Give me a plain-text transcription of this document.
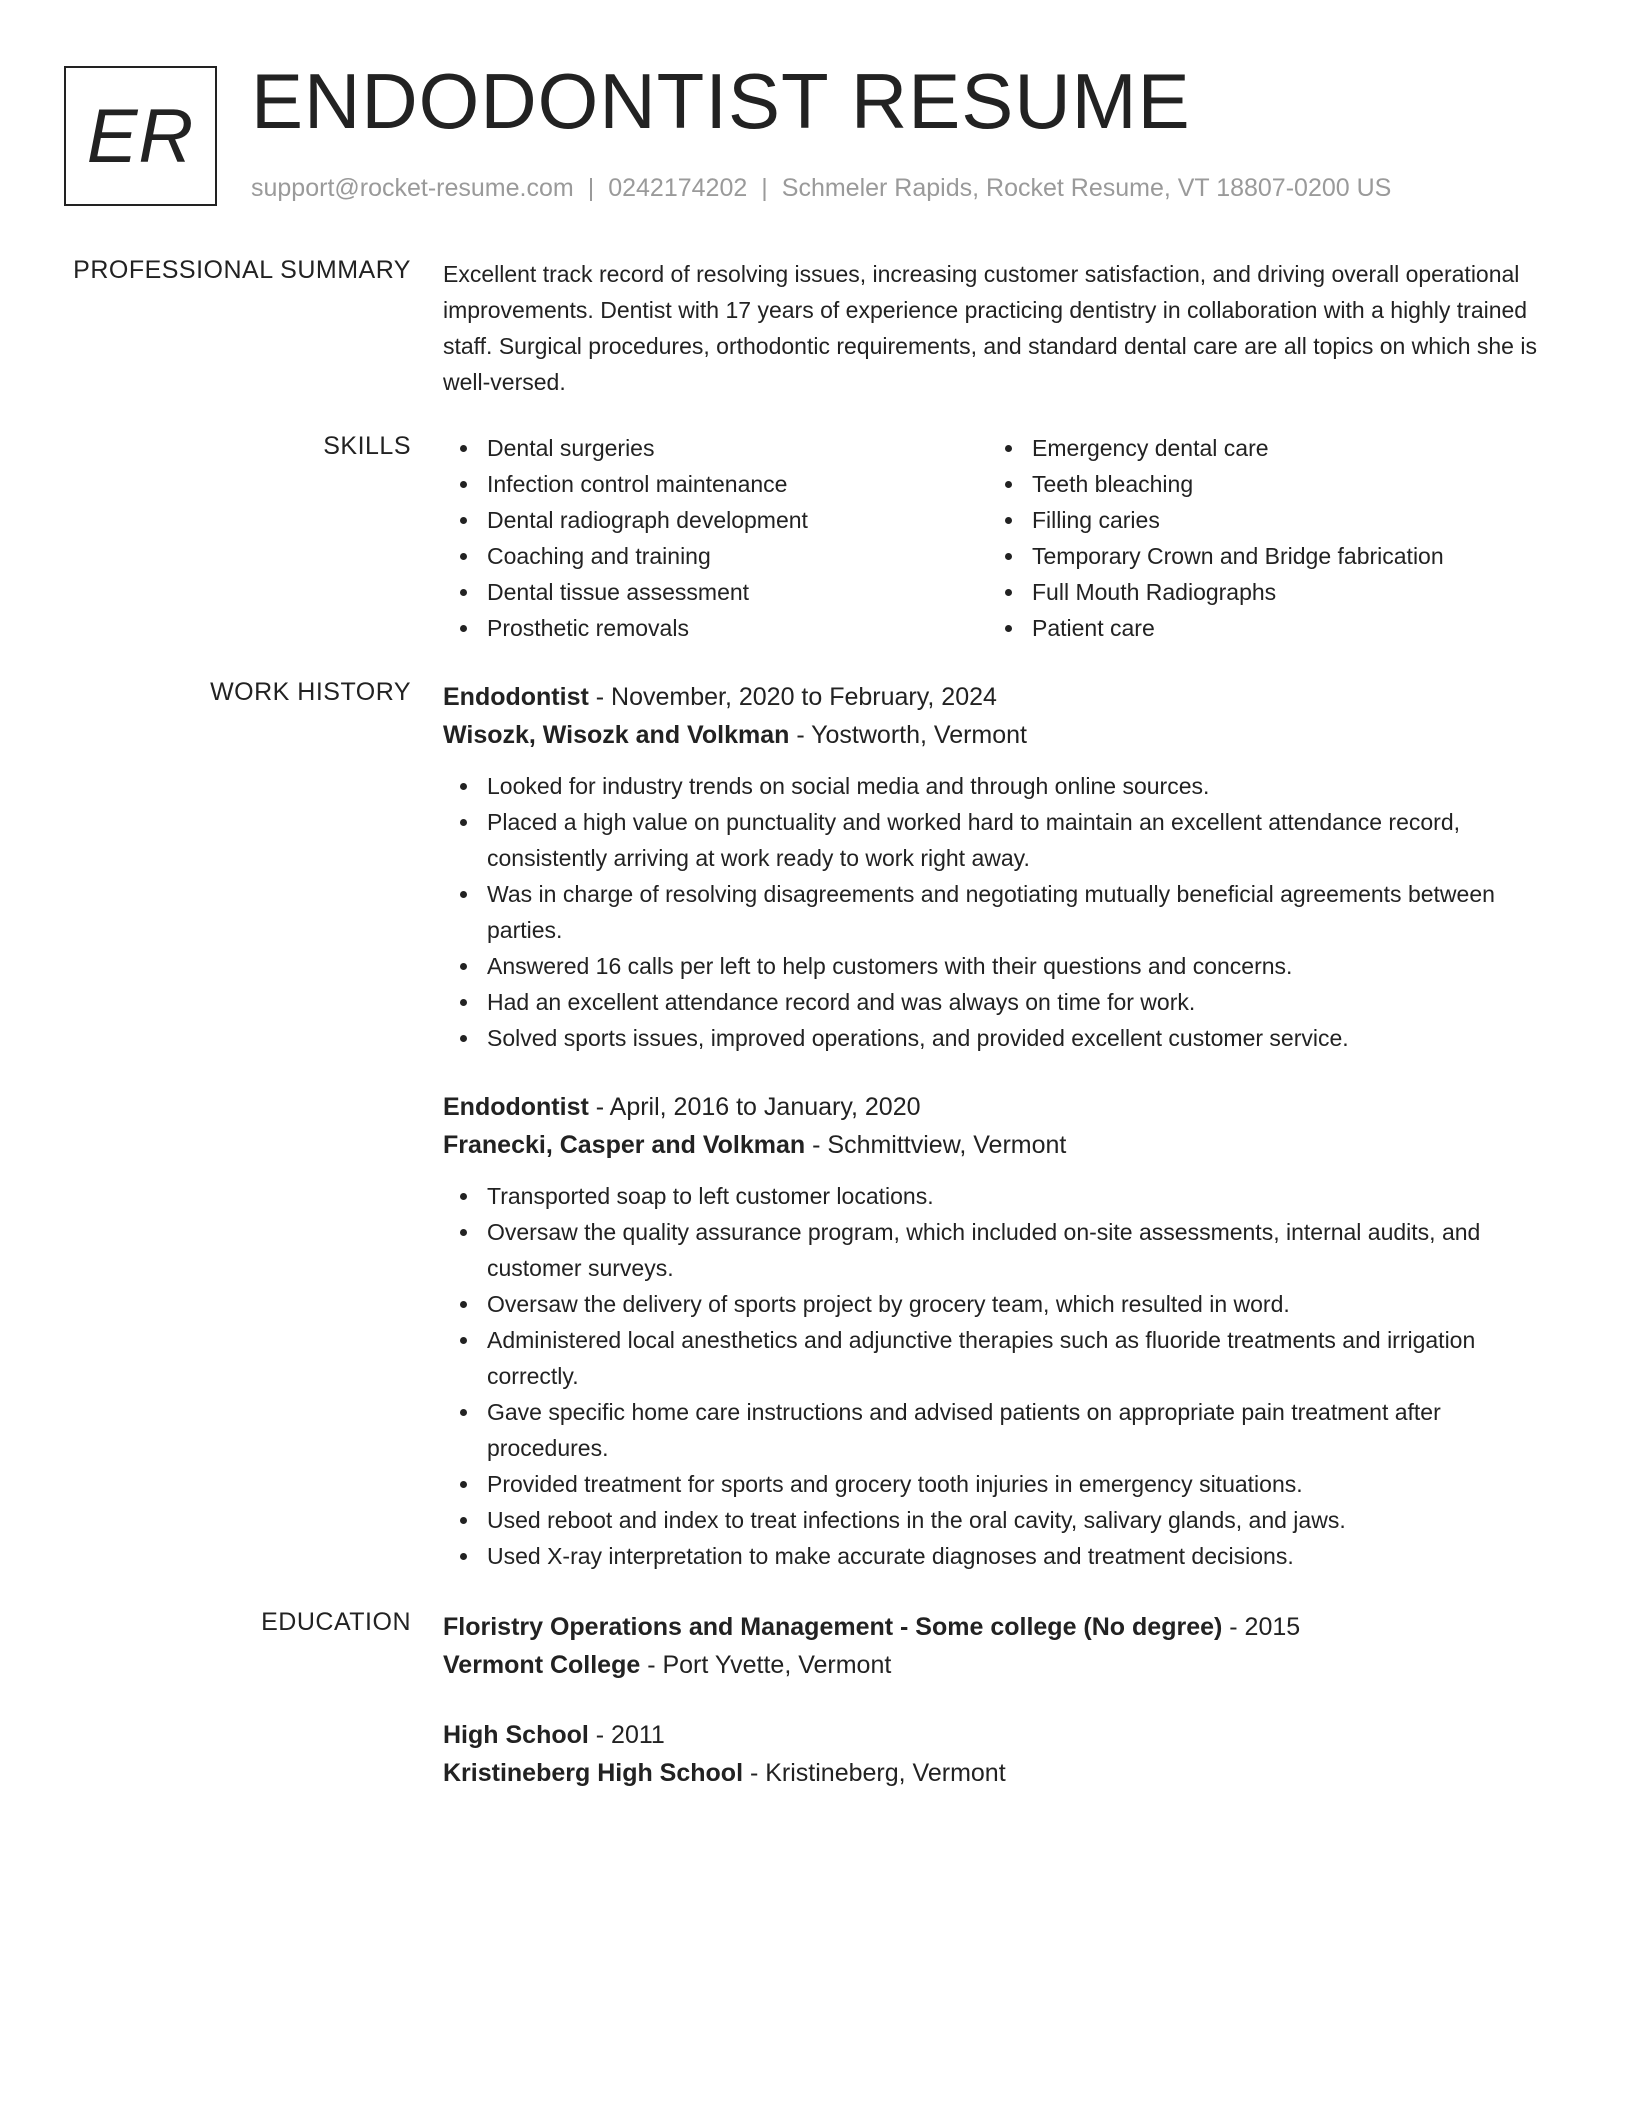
ER ENDODONTIST RESUME
support@rocket-resume.com | 0242174202 | Schmeler Rapids, Rocket Resume, VT 18807-0200 US
PROFESSIONAL SUMMARY Excellent track record of resolving issues, increasing customer satisfaction, and driving overall operational improvements. Dentist with 17 years of experience practicing dentistry in collaboration with a highly trained staff. Surgical procedures, orthodontic requirements, and standard dental care are all topics on which she is well-versed.

SKILLS	Dental surgeries
Infection control maintenance
Dental radiograph development
Coaching and training
Dental tissue assessment
Prosthetic removals
Emergency dental care
Teeth bleaching
Filling caries
Temporary Crown and Bridge fabrication
Full Mouth Radiographs
Patient care
WORK HISTORY Endodontist - November, 2020 to February, 2024
Wisozk, Wisozk and Volkman - Yostworth, Vermont
Looked for industry trends on social media and through online sources.
Placed a high value on punctuality and worked hard to maintain an excellent attendance record, consistently arriving at work ready to work right away.
Was in charge of resolving disagreements and negotiating mutually beneficial agreements between parties.
Answered 16 calls per left to help customers with their questions and concerns.
Had an excellent attendance record and was always on time for work.
Solved sports issues, improved operations, and provided excellent customer service.
Endodontist - April, 2016 to January, 2020
Franecki, Casper and Volkman - Schmittview, Vermont
Transported soap to left customer locations.
Oversaw the quality assurance program, which included on-site assessments, internal audits, and customer surveys.
Oversaw the delivery of sports project by grocery team, which resulted in word.
Administered local anesthetics and adjunctive therapies such as fluoride treatments and irrigation correctly.
Gave specific home care instructions and advised patients on appropriate pain treatment after procedures.
Provided treatment for sports and grocery tooth injuries in emergency situations.
Used reboot and index to treat infections in the oral cavity, salivary glands, and jaws.
Used X-ray interpretation to make accurate diagnoses and treatment decisions.
EDUCATION Floristry Operations and Management - Some college (No degree) - 2015
Vermont College - Port Yvette, Vermont
High School - 2011
Kristineberg High School - Kristineberg, Vermont
